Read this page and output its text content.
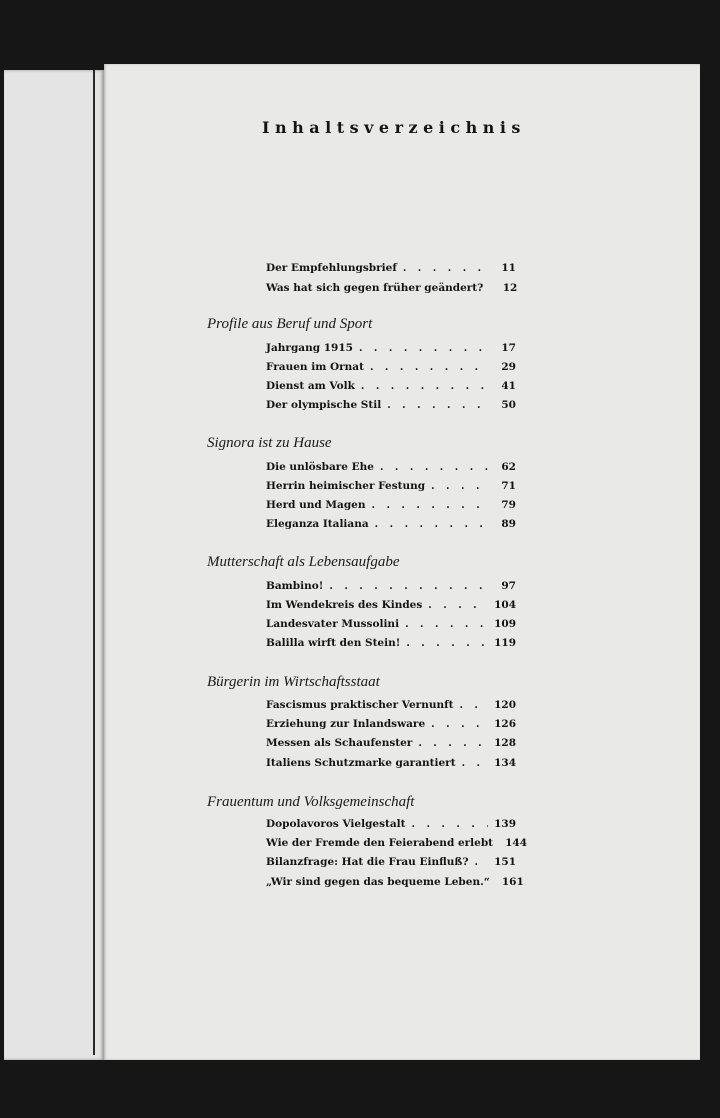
Inhaltsverzeichnis
Der Empfehlungsbrief . . .	11
Was hat sich gegen früher geändert?	12
Profile aus Beruf und Sport
Jahrgang 1915 . . .	17
Frauen im Ornat . . .	29
Dienst am Volk . . .	41
Der olympische Stil . . .	50
Signora ist zu Hause
Die unlösbare Ehe . . .	62
Herrin heimischer Festung . . .	71
Herd und Magen . . .	79
Eleganza Italiana . . .	89
Mutterschaft als Lebensaufgabe
Bambino! . . .	97
Im Wendekreis des Kindes . . .	104
Landesvater Mussolini . . .	109
Balilla wirft den Stein! . . .	119
Bürgerin im Wirtschaftsstaat
Fascismus praktischer Vernunft . . .	120
Erziehung zur Inlandsware . . .	126
Messen als Schaufenster . . .	128
Italiens Schutzmarke garantiert . . .	134
Frauentum und Volksgemeinschaft
Dopolavoros Vielgestalt . . .	139
Wie der Fremde den Feierabend erlebt 144
Bilanzfrage: Hat die Frau Einfluß? . . . 151
„Wir sind gegen das bequeme Leben.“ 161
